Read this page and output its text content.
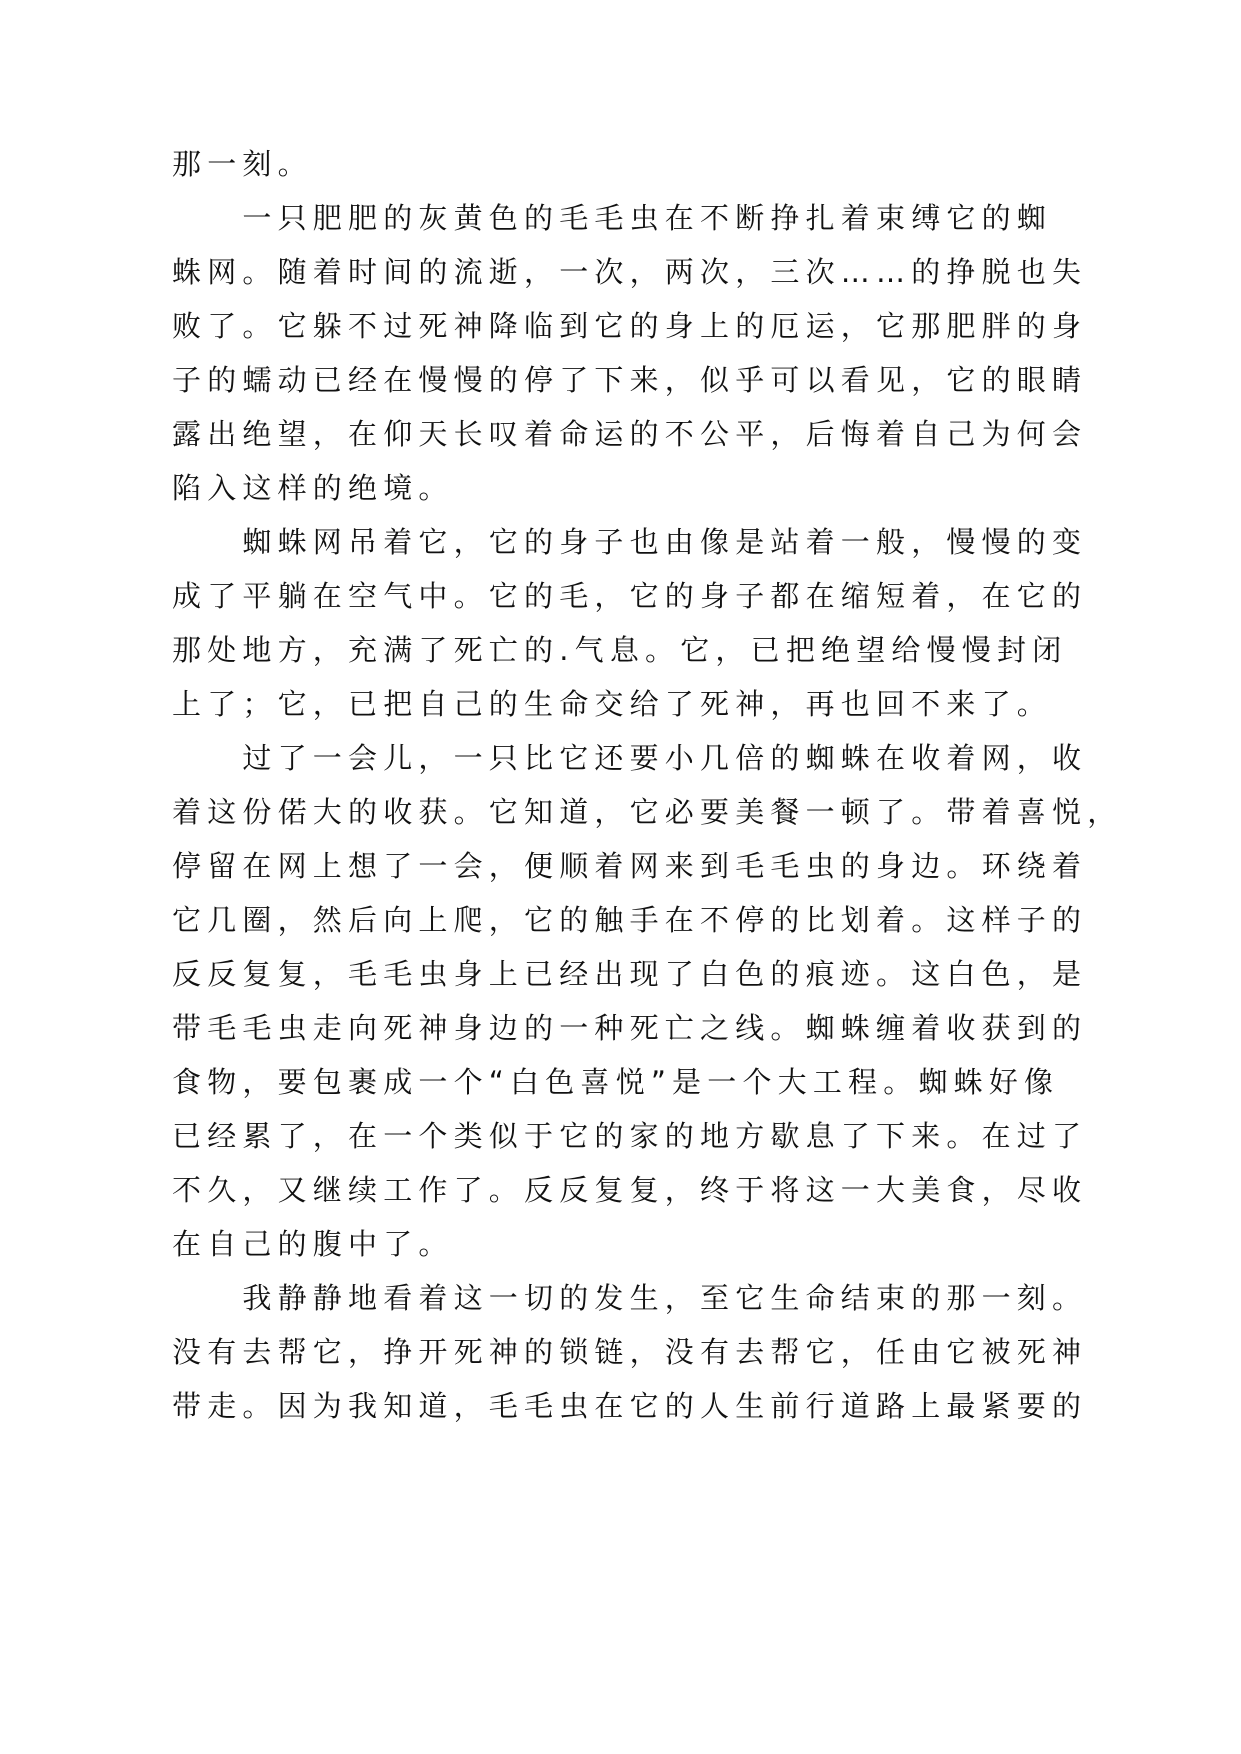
那一刻。
　　一只肥肥的灰黄色的毛毛虫在不断挣扎着束缚它的蜘
蛛网。随着时间的流逝，一次，两次，三次……的挣脱也失
败了。它躲不过死神降临到它的身上的厄运，它那肥胖的身
子的蠕动已经在慢慢的停了下来，似乎可以看见，它的眼睛
露出绝望，在仰天长叹着命运的不公平，后悔着自己为何会
陷入这样的绝境。
　　蜘蛛网吊着它，它的身子也由像是站着一般，慢慢的变
成了平躺在空气中。它的毛，它的身子都在缩短着，在它的
那处地方，充满了死亡的.气息。它，已把绝望给慢慢封闭
上了；它，已把自己的生命交给了死神，再也回不来了。
　　过了一会儿，一只比它还要小几倍的蜘蛛在收着网，收
着这份偌大的收获。它知道，它必要美餐一顿了。带着喜悦，
停留在网上想了一会，便顺着网来到毛毛虫的身边。环绕着
它几圈，然后向上爬，它的触手在不停的比划着。这样子的
反反复复，毛毛虫身上已经出现了白色的痕迹。这白色，是
带毛毛虫走向死神身边的一种死亡之线。蜘蛛缠着收获到的
食物，要包裹成一个“白色喜悦”是一个大工程。蜘蛛好像
已经累了，在一个类似于它的家的地方歇息了下来。在过了
不久，又继续工作了。反反复复，终于将这一大美食，尽收
在自己的腹中了。
　　我静静地看着这一切的发生，至它生命结束的那一刻。
没有去帮它，挣开死神的锁链，没有去帮它，任由它被死神
带走。因为我知道，毛毛虫在它的人生前行道路上最紧要的
